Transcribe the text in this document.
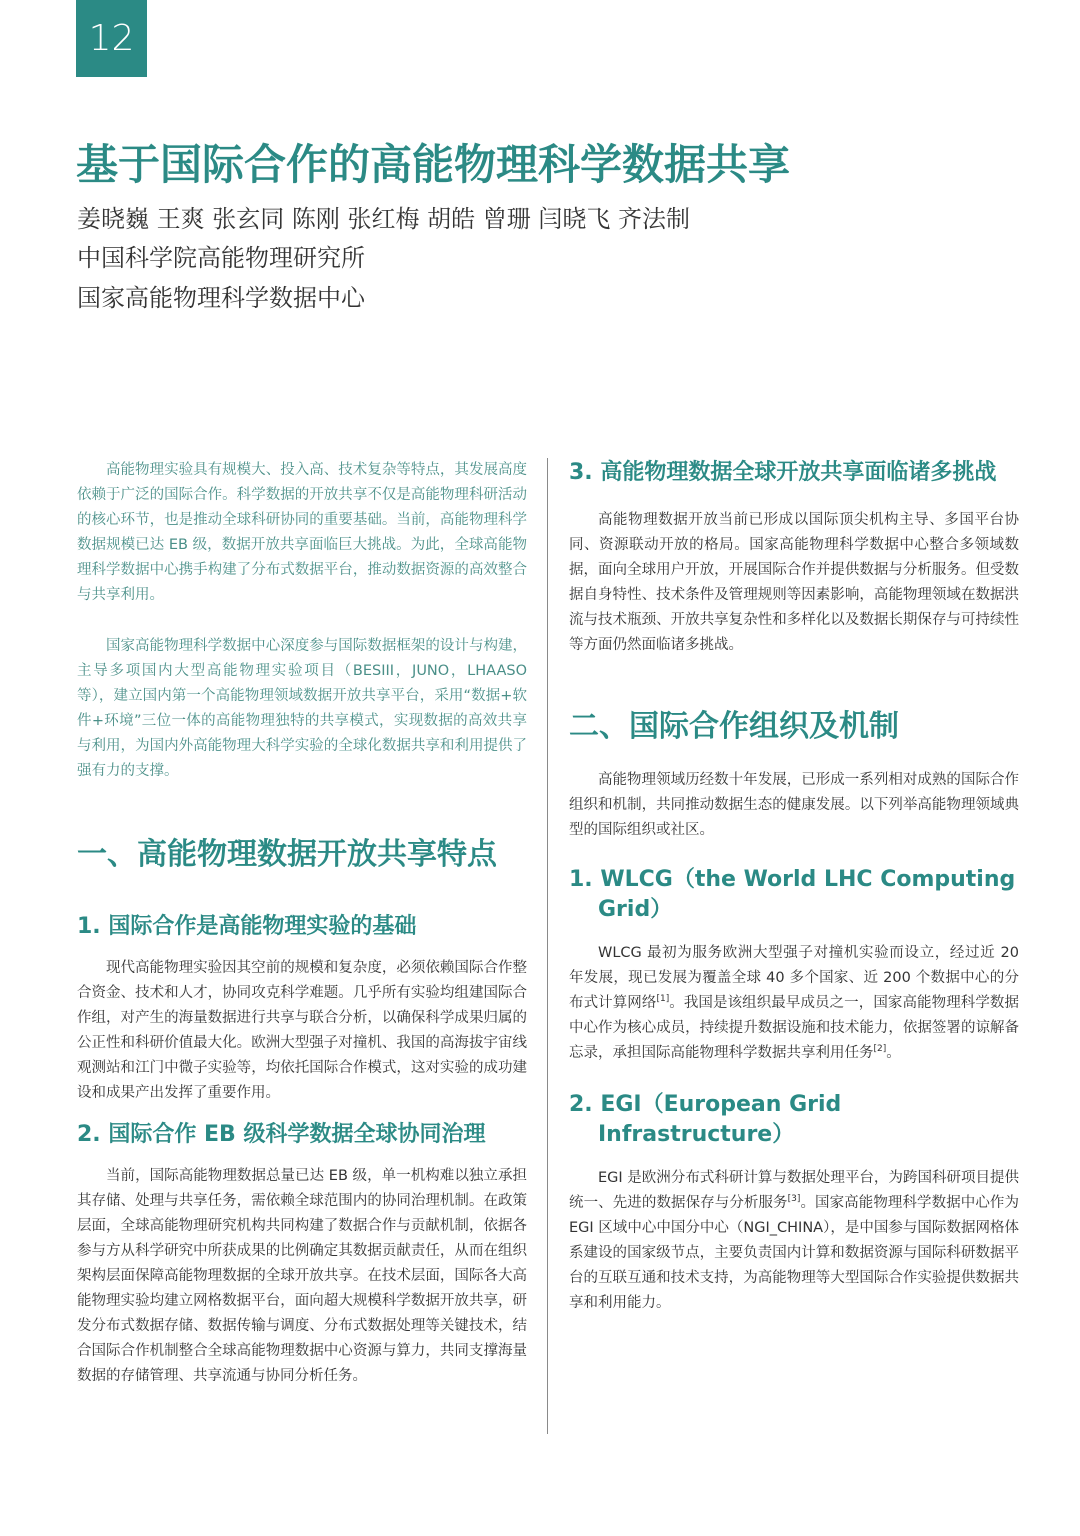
12
基于国际合作的高能物理科学数据共享
姜晓巍 王爽 张玄同 陈刚 张红梅 胡皓 曾珊 闫晓飞 齐法制
中国科学院高能物理研究所
国家高能物理科学数据中心

高能物理实验具有规模大、投入高、技术复杂等特点，其发展高度依赖于广泛的国际合作。科学数据的开放共享不仅是高能物理科研活动的核心环节，也是推动全球科研协同的重要基础。当前，高能物理科学数据规模已达 EB 级，数据开放共享面临巨大挑战。为此，全球高能物理科学数据中心携手构建了分布式数据平台，推动数据资源的高效整合与共享利用。

国家高能物理科学数据中心深度参与国际数据框架的设计与构建，主导多项国内大型高能物理实验项目（BESIII，JUNO，LHAASO 等），建立国内第一个高能物理领域数据开放共享平台，采用“数据+软件+环境”三位一体的高能物理独特的共享模式，实现数据的高效共享与利用，为国内外高能物理大科学实验的全球化数据共享和利用提供了强有力的支撑。

一、高能物理数据开放共享特点
1. 国际合作是高能物理实验的基础

现代高能物理实验因其空前的规模和复杂度，必须依赖国际合作整合资金、技术和人才，协同攻克科学难题。几乎所有实验均组建国际合作组，对产生的海量数据进行共享与联合分析，以确保科学成果归属的公正性和科研价值最大化。欧洲大型强子对撞机、我国的高海拔宇宙线观测站和江门中微子实验等，均依托国际合作模式，这对实验的成功建设和成果产出发挥了重要作用。

2. 国际合作 EB 级科学数据全球协同治理

当前，国际高能物理数据总量已达 EB 级，单一机构难以独立承担其存储、处理与共享任务，需依赖全球范围内的协同治理机制。在政策层面，全球高能物理研究机构共同构建了数据合作与贡献机制，依据各参与方从科学研究中所获成果的比例确定其数据贡献责任，从而在组织架构层面保障高能物理数据的全球开放共享。在技术层面，国际各大高能物理实验均建立网格数据平台，面向超大规模科学数据开放共享，研发分布式数据存储、数据传输与调度、分布式数据处理等关键技术，结合国际合作机制整合全球高能物理数据中心资源与算力，共同支撑海量数据的存储管理、共享流通与协同分析任务。

3. 高能物理数据全球开放共享面临诸多挑战

高能物理数据开放当前已形成以国际顶尖机构主导、多国平台协同、资源联动开放的格局。国家高能物理科学数据中心整合多领域数据，面向全球用户开放，开展国际合作并提供数据与分析服务。但受数据自身特性、技术条件及管理规则等因素影响，高能物理领域在数据洪流与技术瓶颈、开放共享复杂性和多样化以及数据长期保存与可持续性等方面仍然面临诸多挑战。

二、国际合作组织及机制

高能物理领域历经数十年发展，已形成一系列相对成熟的国际合作组织和机制，共同推动数据生态的健康发展。以下列举高能物理领域典型的国际组织或社区。

1. WLCG（the World LHC Computing Grid）

WLCG 最初为服务欧洲大型强子对撞机实验而设立，经过近 20 年发展，现已发展为覆盖全球 40 多个国家、近 200 个数据中心的分布式计算网络[1]。我国是该组织最早成员之一，国家高能物理科学数据中心作为核心成员，持续提升数据设施和技术能力，依据签署的谅解备忘录，承担国际高能物理科学数据共享利用任务[2]。

2. EGI（European Grid Infrastructure）

EGI 是欧洲分布式科研计算与数据处理平台，为跨国科研项目提供统一、先进的数据保存与分析服务[3]。国家高能物理科学数据中心作为 EGI 区域中心中国分中心（NGI_CHINA），是中国参与国际数据网格体系建设的国家级节点，主要负责国内计算和数据资源与国际科研数据平台的互联互通和技术支持，为高能物理等大型国际合作实验提供数据共享和利用能力。
